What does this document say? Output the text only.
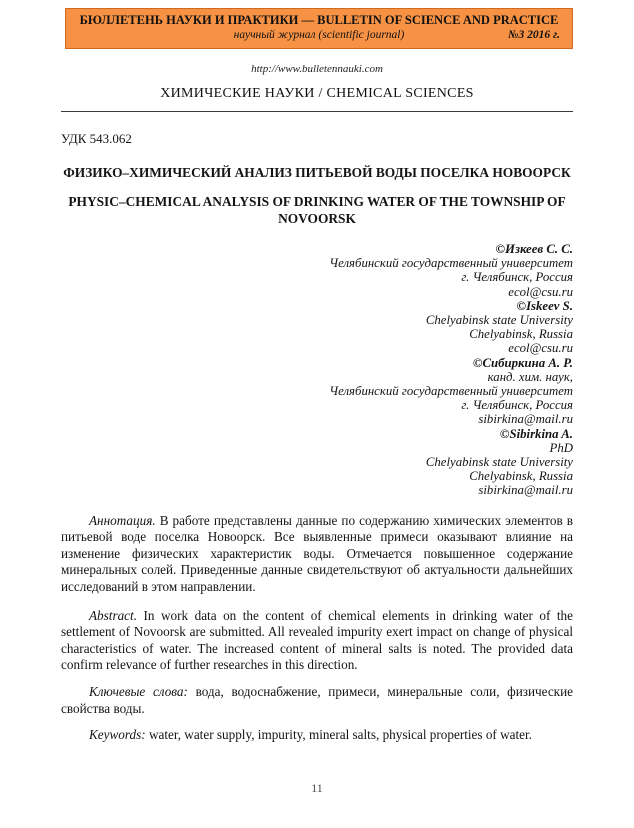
БЮЛЛЕТЕНЬ НАУКИ И ПРАКТИКИ — BULLETIN OF SCIENCE AND PRACTICE
научный журнал (scientific journal)	№3 2016 г.
http://www.bulletennauki.com
ХИМИЧЕСКИЕ НАУКИ / CHEMICAL SCIENCES
УДК 543.062
ФИЗИКО–ХИМИЧЕСКИЙ АНАЛИЗ ПИТЬЕВОЙ ВОДЫ ПОСЕЛКА НОВООРСК
PHYSIC–CHEMICAL ANALYSIS OF DRINKING WATER OF THE TOWNSHIP OF NOVOORSK
©Изкеев С. С.
Челябинский государственный университет
г. Челябинск, Россия
ecol@csu.ru
©Iskeev S.
Chelyabinsk state University
Chelyabinsk, Russia
ecol@csu.ru
©Сибиркина А. Р.
канд. хим. наук,
Челябинский государственный университет
г. Челябинск, Россия
sibirkina@mail.ru
©Sibirkina A.
PhD
Chelyabinsk state University
Chelyabinsk, Russia
sibirkina@mail.ru

Аннотация. В работе представлены данные по содержанию химических элементов в питьевой воде поселка Новоорск. Все выявленные примеси оказывают влияние на изменение физических характеристик воды. Отмечается повышенное содержание минеральных солей. Приведенные данные свидетельствуют об актуальности дальнейших исследований в этом направлении.

Abstract. In work data on the content of chemical elements in drinking water of the settlement of Novoorsk are submitted. All revealed impurity exert impact on change of physical characteristics of water. The increased content of mineral salts is noted. The provided data confirm relevance of further researches in this direction.

Ключевые слова: вода, водоснабжение, примеси, минеральные соли, физические свойства воды.

Keywords: water, water supply, impurity, mineral salts, physical properties of water.

11
